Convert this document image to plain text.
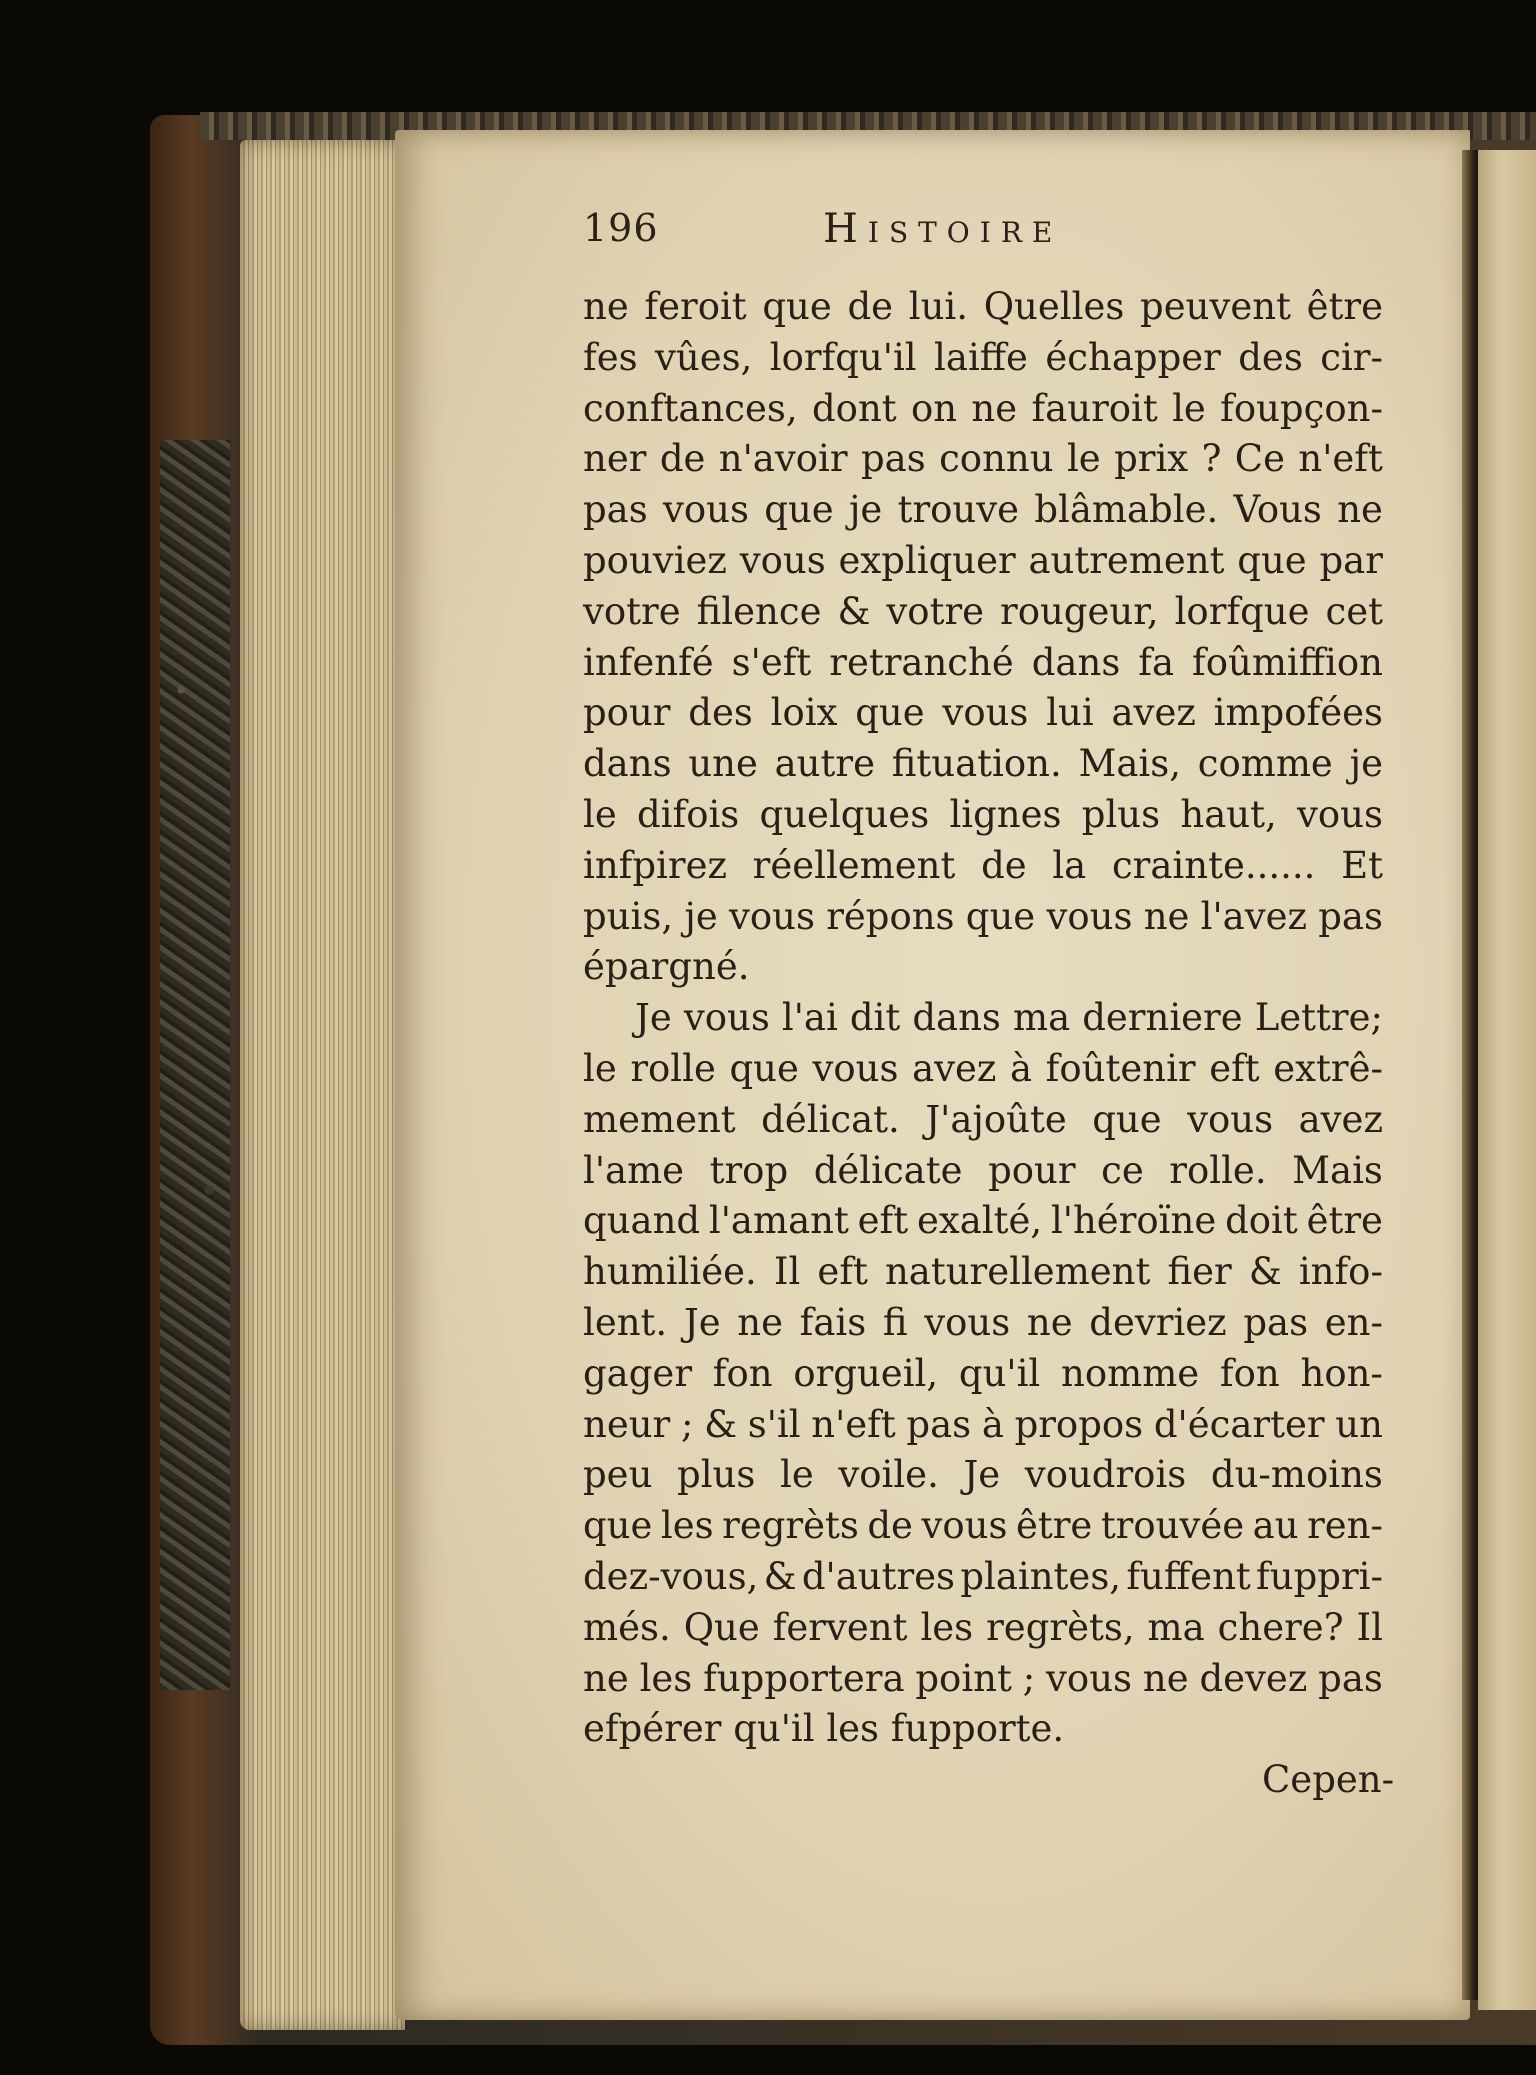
196	Histoire
ne feroit que de lui. Quelles peuvent être
fes vûes, lorfqu'il laiffe échapper des cir-
conftances, dont on ne fauroit le foupçon-
ner de n'avoir pas connu le prix ? Ce n'eft
pas vous que je trouve blâmable. Vous ne
pouviez vous expliquer autrement que par
votre filence & votre rougeur, lorfque cet
infenfé s'eft retranché dans fa foûmiffion
pour des loix que vous lui avez impofées
dans une autre fituation. Mais, comme je
le difois quelques lignes plus haut, vous
infpirez réellement de la crainte...... Et
puis, je vous répons que vous ne l'avez pas
épargné.
Je vous l'ai dit dans ma derniere Lettre;
le rolle que vous avez à foûtenir eft extrê-
mement délicat. J'ajoûte que vous avez
l'ame trop délicate pour ce rolle. Mais
quand l'amant eft exalté, l'héroïne doit être
humiliée. Il eft naturellement fier & info-
lent. Je ne fais fi vous ne devriez pas en-
gager fon orgueil, qu'il nomme fon hon-
neur ; & s'il n'eft pas à propos d'écarter un
peu plus le voile. Je voudrois du-moins
que les regrèts de vous être trouvée au ren-
dez-vous, & d'autres plaintes, fuffent fuppri-
més. Que fervent les regrèts, ma chere? Il
ne les fupportera point ; vous ne devez pas
efpérer qu'il les fupporte.
Cepen-
